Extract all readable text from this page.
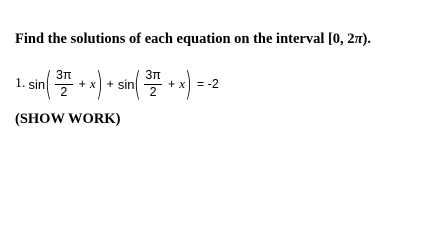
Find the solutions of each equation on the interval [0, 2π).
1. sin ( $\frac{3\pi}{2} + x$ ) + sin ( $\frac{3\pi}{2} + x$ ) = -2
(SHOW WORK)
